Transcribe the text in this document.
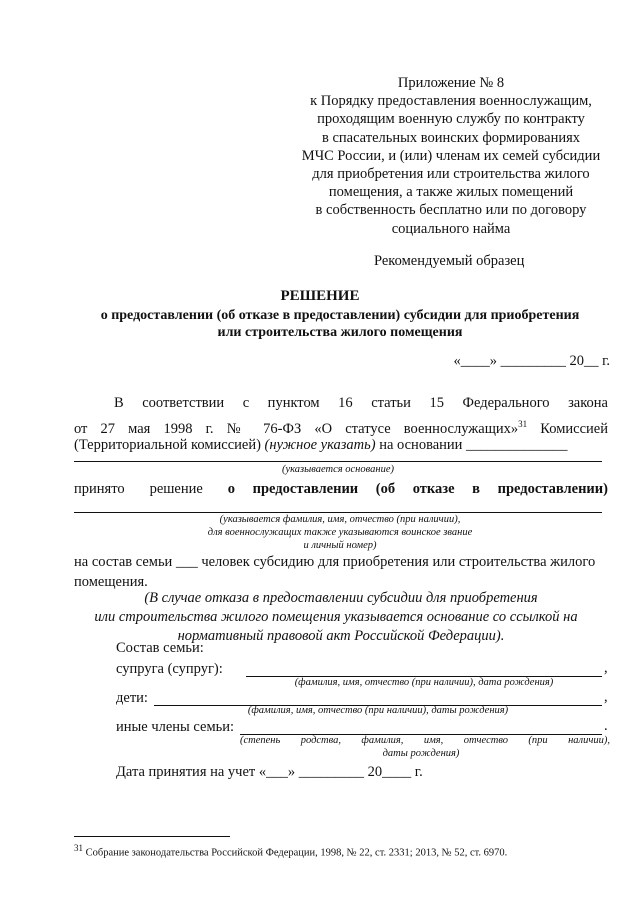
Приложение № 8
к Порядку предоставления военнослужащим,
проходящим военную службу по контракту
в спасательных воинских формированиях
МЧС России, и (или) членам их семей субсидии
для приобретения или строительства жилого
помещения, а также жилых помещений
в собственность бесплатно или по договору
социального найма
Рекомендуемый образец
РЕШЕНИЕ
о предоставлении (об отказе в предоставлении) субсидии для приобретения
или строительства жилого помещения
«____» _________ 20__ г.
В соответствии с пунктом 16 статьи 15 Федерального закона
от 27 мая 1998 г. № 76-ФЗ «О статусе военнослужащих»$^{31}$ Комиссией
(Территориальной комиссией) (нужное указать) на основании ______________
(указывается основание)
принято решение о предоставлении (об отказе в предоставлении)
(указывается фамилия, имя, отчество (при наличии),
для военнослужащих также указываются воинское звание
и личный номер)
на состав семьи ___ человек субсидию для приобретения или строительства жилого
помещения.
(В случае отказа в предоставлении субсидии для приобретения
или строительства жилого помещения указывается основание со ссылкой на
нормативный правовой акт Российской Федерации).
Состав семьи:
супруга (супруг):	,
(фамилия, имя, отчество (при наличии), дата рождения)
дети:	,
(фамилия, имя, отчество (при наличии), даты рождения)
иные члены семьи:	.
(степень родства, фамилия, имя, отчество (при наличии),
даты рождения)
Дата принятия на учет «___» _________ 20____ г.
$^{31}$ Собрание законодательства Российской Федерации, 1998, № 22, ст. 2331; 2013, № 52, ст. 6970.
